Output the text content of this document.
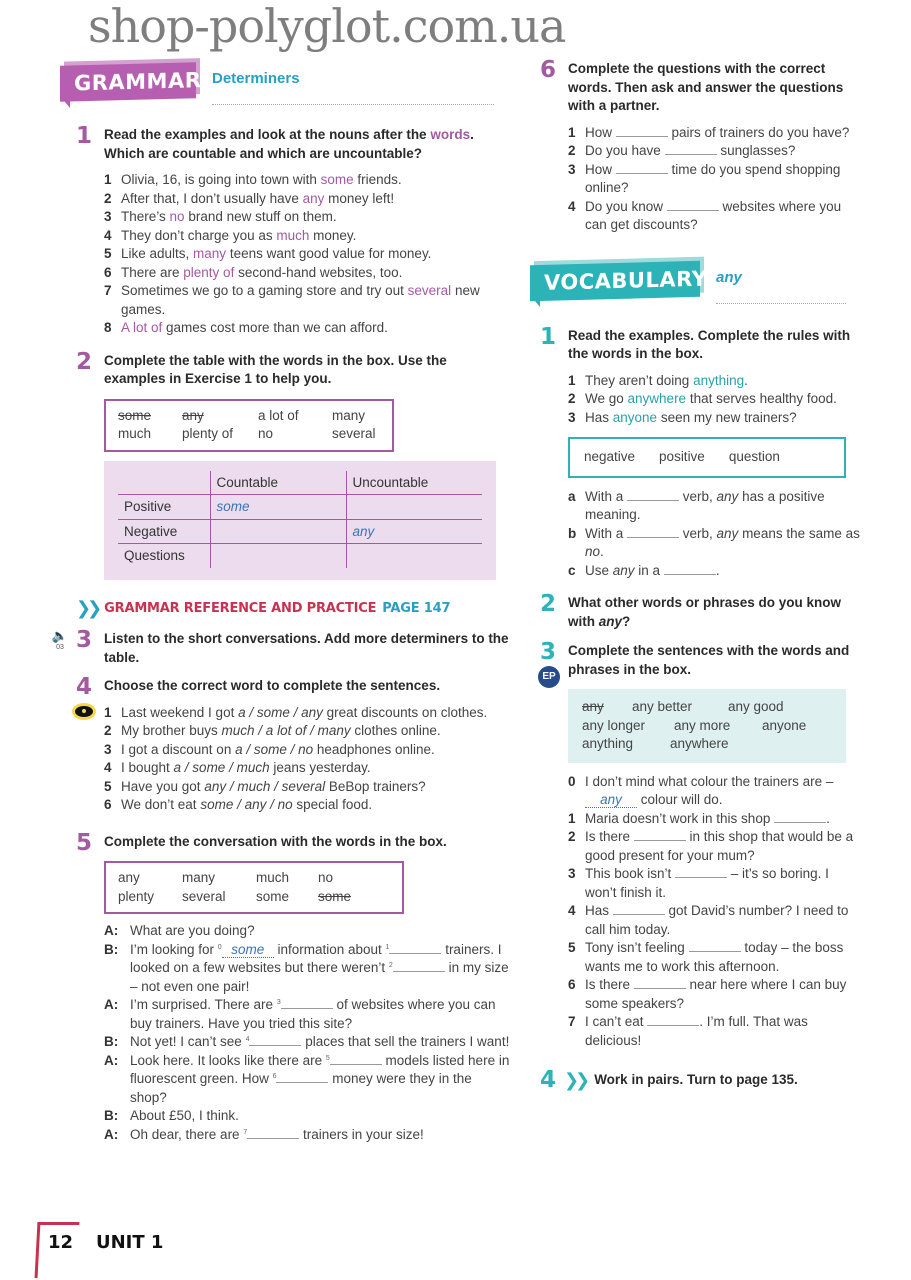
shop-polyglot.com.ua
GRAMMAR Determiners
1 Read the examples and look at the nouns after the words. Which are countable and which are uncountable?
1 Olivia, 16, is going into town with some friends.
2 After that, I don’t usually have any money left!
3 There’s no brand new stuff on them.
4 They don’t charge you as much money.
5 Like adults, many teens want good value for money.
6 There are plenty of second-hand websites, too.
7 Sometimes we go to a gaming store and try out several new games.
8 A lot of games cost more than we can afford.
2 Complete the table with the words in the box. Use the examples in Exercise 1 to help you.
some	any	a lot of	many
much	plenty of	no	several
	Countable	Uncountable
Positive	some	
Negative		any
Questions		
❯❯ GRAMMAR REFERENCE AND PRACTICE PAGE 147
🔈
03 3 Listen to the short conversations. Add more determiners to the table.
4 Choose the correct word to complete the sentences.
1 Last weekend I got a / some / any great discounts on clothes.
2 My brother buys much / a lot of / many clothes online.
3 I got a discount on a / some / no headphones online.
4 I bought a / some / much jeans yesterday.
5 Have you got any / much / several BeBop trainers?
6 We don’t eat some / any / no special food.
5 Complete the conversation with the words in the box.
any	many	much	no
plenty	several	some	some
A: What are you doing?
B: I’m looking for $^0$ some information about $^1$	trainers. I looked on a few websites but there weren’t $^2$	in my size – not even one pair!
A: I’m surprised. There are $^3$	of websites where you can buy trainers. Have you tried this site?
B: Not yet! I can’t see $^4$	places that sell the trainers I want!
A: Look here. It looks like there are $^5$	models listed here in fluorescent green. How $^6$	money were they in the shop?
B: About £50, I think.
A: Oh dear, there are $^7$	trainers in your size!
6 Complete the questions with the correct words. Then ask and answer the questions with a partner.
1 How	pairs of trainers do you have?
2 Do you have	sunglasses?
3 How	time do you spend shopping online?
4 Do you know	websites where you can get discounts?
VOCABULARY any
1 Read the examples. Complete the rules with the words in the box.
1 They aren’t doing anything.
2 We go anywhere that serves healthy food.
3 Has anyone seen my new trainers?
negative positive question
a With a	verb, any has a positive meaning.
b With a	verb, any means the same as no.
c Use any in a	.
2 What other words or phrases do you know with any?
3
EP
Complete the sentences with the words and phrases in the box.
any	any better	any good
any longer	any more	anyone
anything	anywhere
0 I don’t mind what colour the trainers are – any colour will do.
1 Maria doesn’t work in this shop	.
2 Is there	in this shop that would be a good present for your mum?
3 This book isn’t	– it’s so boring. I won’t finish it.
4 Has	got David’s number? I need to call him today.
5 Tony isn’t feeling	today – the boss wants me to work this afternoon.
6 Is there	near here where I can buy some speakers?
7 I can’t eat	. I’m full. That was delicious!
4 ❯❯ Work in pairs. Turn to page 135.
12 UNIT 1
